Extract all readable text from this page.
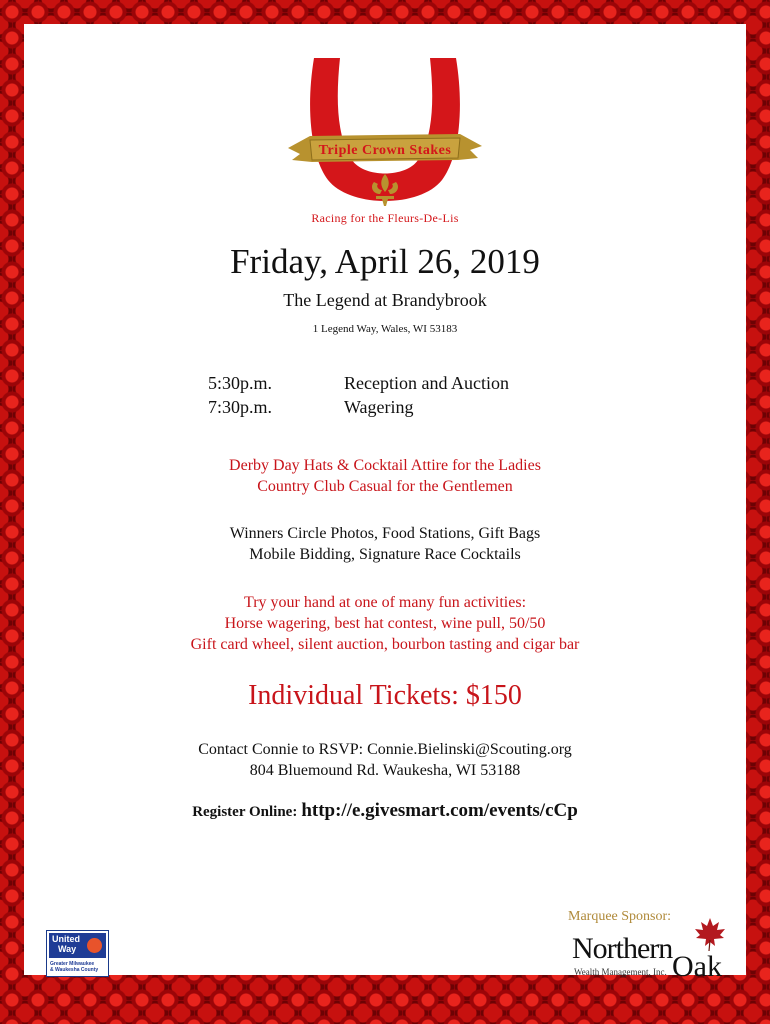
Triple Crown Stakes
Racing for the Fleurs-De-Lis
Friday, April 26, 2019
The Legend at Brandybrook
1 Legend Way, Wales, WI 53183
5:30p.m.	Reception and Auction
7:30p.m.	Wagering
Derby Day Hats & Cocktail Attire for the Ladies
Country Club Casual for the Gentlemen
Winners Circle Photos, Food Stations, Gift Bags
Mobile Bidding, Signature Race Cocktails
Try your hand at one of many fun activities:
Horse wagering, best hat contest, wine pull, 50/50
Gift card wheel, silent auction, bourbon tasting and cigar bar
Individual Tickets: $150
Contact Connie to RSVP: Connie.Bielinski@Scouting.org
804 Bluemound Rd. Waukesha, WI 53188
Register Online: http://e.givesmart.com/events/cCp
United
Way
Greater Milwaukee
& Waukesha County
Marquee Sponsor:
Northern
Oak
Wealth Management, Inc.
